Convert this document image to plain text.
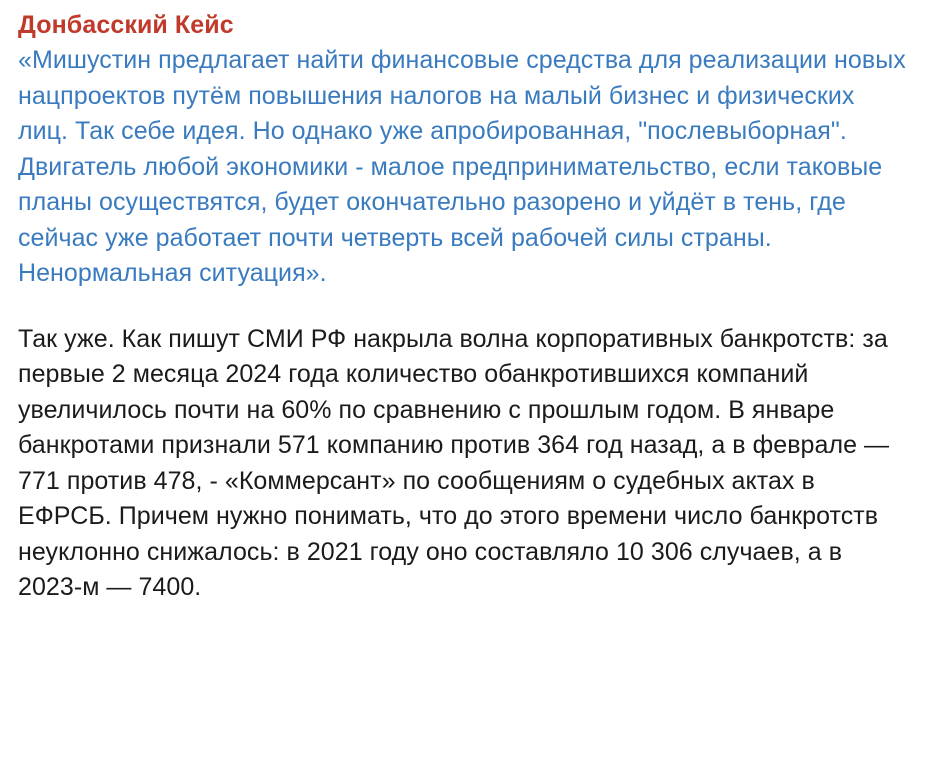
Донбасский Кейс
«Мишустин предлагает найти финансовые средства для реализации новых нацпроектов путём повышения налогов на малый бизнес и физических лиц. Так себе идея. Но однако уже апробированная, "послевыборная". Двигатель любой экономики - малое предпринимательство, если таковые планы осуществятся, будет окончательно разорено и уйдёт в тень, где сейчас уже работает почти четверть всей рабочей силы страны. Ненормальная ситуация».
Так уже. Как пишут СМИ РФ накрыла волна корпоративных банкротств: за первые 2 месяца 2024 года количество обанкротившихся компаний увеличилось почти на 60% по сравнению с прошлым годом. В январе банкротами признали 571 компанию против 364 год назад, а в феврале — 771 против 478, - «Коммерсант» по сообщениям о судебных актах в ЕФРСБ. Причем нужно понимать, что до этого времени число банкротств неуклонно снижалось: в 2021 году оно составляло 10 306 случаев, а в 2023-м — 7400.
